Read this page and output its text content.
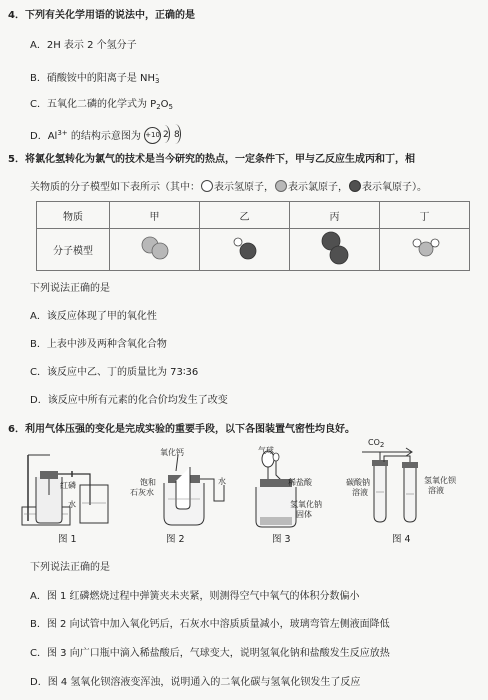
4．下列有关化学用语的说法中，正确的是
A．2H 表示 2 个氢分子
B．硝酸铵中的阳离子是 $NH_3^-$
C．五氧化二磷的化学式为 $P_2O_5$
D．$Al^{3+}$ 的结构示意图为 +10 2 8
5．将氯化氢转化为氯气的技术是当今研究的热点，一定条件下，甲与乙反应生成丙和丁，相
关物质的分子模型如下表所示（其中： 表示氢原子， 表示氯原子， 表示氧原子）。
物质	甲	乙	丙	丁
分子模型				
下列说法正确的是
A．该反应体现了甲的氧化性
B．上表中涉及两种含氧化合物
C．该反应中乙、丁的质量比为 73∶36
D．该反应中所有元素的化合价均发生了改变
6．利用气体压强的变化是完成实验的重要手段，以下各图装置气密性均良好。
红磷
水
氧化钙
饱和
石灰水
水
气球
稀盐酸
氢氧化钠
固体
CO2
碳酸钠
溶液
氢氧化钡
溶液
图 1	图 2	图 3	图 4
下列说法正确的是
A．图 1 红磷燃烧过程中弹簧夹未夹紧，则测得空气中氧气的体积分数偏小
B．图 2 向试管中加入氧化钙后，石灰水中溶质质量减小，玻璃弯管左侧液面降低
C．图 3 向广口瓶中滴入稀盐酸后，气球变大，说明氢氧化钠和盐酸发生反应放热
D．图 4 氢氧化钡溶液变浑浊，说明通入的二氧化碳与氢氧化钡发生了反应
